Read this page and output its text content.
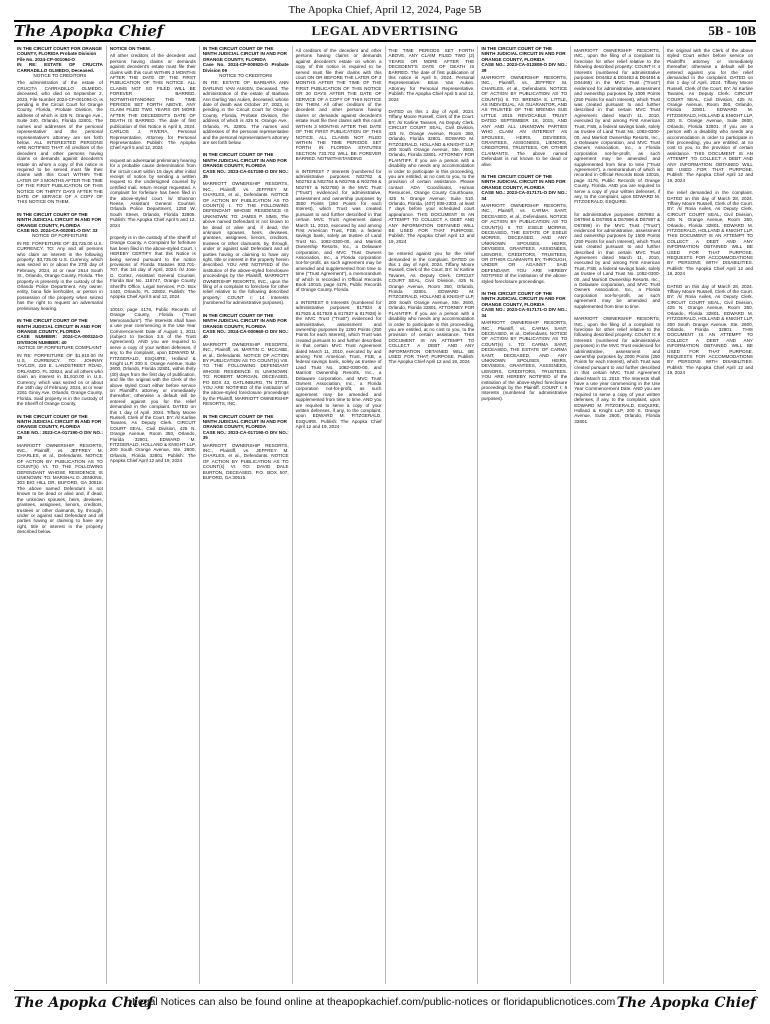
The Apopka Chief, April 12, 2024, Page 5B
The Apopka Chief	LEGAL ADVERTISING	5B - 10B
IN THE CIRCUIT COURT FOR ORANGE COUNTY, FLORIDA Probate Division File No. 2024-CP-001094-O
IN RE: ESTATE OF CRUCITA CARRADILLO OLMEDO, Deceased.
NOTICE TO CREDITORS

The administration of the estate of CRUCITA CARRADILLO OLMEDO, deceased, who died on September 2, 2023, File Number 2024-CP-001094-O, is pending in the Circuit Court for Orange County, Florida, Probate Division, the address of which is 425 N. Orange Ave., Suite 340, Orlando, Florida 32801. The names and addresses of the personal representative and the personal representative's attorney are set forth below. ALL INTERESTED PERSONS ARE NOTIFIED THAT: All creditors of the decedent and other persons having claims or demands against decedent's estate on whom a copy of this notice is required to be served must file their claims with this Court WITHIN THE LATER OF 3 MONTHS AFTER THE TIME OF THE FIRST PUBLICATION OF THIS NOTICE OR THIRTY DAYS AFTER THE DATE OF SERVICE OF A COPY OF THIS NOTICE ON THEM.

IN THE CIRCUIT COURT OF THE NINTH JUDICIAL CIRCUIT IN AND FOR ORANGE COUNTY, FLORIDA
CASE NO. 2024-CA-002081-O DIV: 33
NOTICE OF FORFEITURE

IN RE: FORFEITURE OF: $3,725.00 U.S. CURRENCY. TO: Any and all persons who claim an interest in the following property: $3,725.00 U.S. Currency, which was seized on or about the 27th day of February, 2024, at or near 2614 South St., Orlando, Orange County, Florida. The property is presently in the custody of the Orlando Police Department. Any owner, entity, bona fide lienholder, or person in possession of the property when seized has the right to request an adversarial preliminary hearing.

IN THE CIRCUIT COURT OF THE NINTH JUDICIAL CIRCUIT IN AND FOR ORANGE COUNTY, FLORIDA
CASE NUMBER: 2024-CA-000324-O DIVISION NUMBER: 40
NOTICE OF FORFEITURE COMPLAINT

IN RE: FORFEITURE OF $1,910.00 IN U.S. CURRENCY. TO: JOHNNY TAYLOR, 220 E. LANDSTREET ROAD, ORLANDO, FL 32824, and all others who claim an interest in $1,910.00 in U.S. Currency, which was seized on or about the 15th day of February, 2024, at or near 2261 Ginny Ave, Orlando, Orange County, Florida. Said property is in the custody of the Sheriff of Orange County.

IN THE CIRCUIT COURT OF THE NINTH JUDICIAL CIRCUIT IN AND FOR ORANGE COUNTY, FLORIDA
CASE NO.: 2023-CA-017190-O DIV NO.: 35

MARRIOTT OWNERSHIP RESORTS, INC., Plaintiff, vs. JEFFREY M. CHARLES, et al., Defendants. NOTICE OF ACTION BY PUBLICATION AS TO COUNT(s) VI. TO THE FOLLOWING DEFENDANT WHOSE RESIDENCE IS UNKNOWN: TO: MARSHAL D. JENKINS, 303 BIG HILL DR, BUFORD, GA 30518. The above named Defendant is not known to be dead or alive and, if dead, the unknown spouses, heirs, devisees, grantees, assignees, lienors, creditors, trustees or other claimants, by, through, under or against said Defendant and all parties having or claiming to have any right, title or interest in the property described below.

NOTICE ON THEM.

All other creditors of the decedent and persons having claims or demands against decedent's estate must file their claims with this court WITHIN 3 MONTHS AFTER THE DATE OF THE FIRST PUBLICATION OF THIS NOTICE. ALL CLAIMS NOT SO FILED WILL BE FOREVER BARRED. NOTWITHSTANDING THE TIME PERIODS SET FORTH ABOVE, ANY CLAIM FILED TWO YEARS OR MORE AFTER THE DECEDENT'S DATE OF DEATH IS BARRED. The date of first publication of this Notice is April 5, 2024. CARLOS J. RIVERA, Personal Representative, Attorney for Personal Representative. Publish: The Apopka Chief April 5 and 12, 2024

request an adversarial preliminary hearing for a probable cause determination from the circuit court within 15 days after initial receipt of notice by sending a written request to the undersigned counsel by certified mail, return receipt requested. A complaint for forfeiture has been filed in the above-styled court. /s/ Shannon Reese, Assistant General Counsel, Orlando Police Department, 1250 W. South Street, Orlando, Florida 32805. Publish: The Apopka Chief April 5 and 12, 2024

property is in the custody of the Sheriff of Orange County. A Complaint for forfeiture has been filed in the above-styled Court. I HEREBY CERTIFY that this Notice is being served pursuant to the notice provisions of Florida Statutes 932.701-707, this 1st day of April, 2024. /s/ Jose G. Cortez, Assistant General Counsel, Florida Bar No. 118747, Orange County Sheriff's Office, Legal Services, P.O. Box 1440, Orlando, FL 32802. Publish: The Apopka Chief April 5 and 12, 2024

10010, page 4176, Public Records of Orange County, Florida ("Trust Memorandum"). The Interests shall have a use year commencing in the Use Year Commencement Date of August 1, 2011 (subject to Section 3.5 of the Trust Agreement). AND you are required to serve a copy of your written defenses, if any, to the complaint, upon EDWARD M. FITZGERALD, ESQUIRE, Holland & Knight LLP, 200 S. Orange Avenue, Suite 2600, Orlando, Florida 32801, within thirty (30) days from the first day of publication, and file the original with the Clerk of the above styled Court either before service on Plaintiff's attorney or immediately thereafter; otherwise a default will be entered against you for the relief demanded in the complaint. DATED on this 1 day of April, 2024. Tiffany Moore Russell, Clerk of the Court. BY: /s/ Karline Tavares, As Deputy Clerk. CIRCUIT COURT SEAL, Civil Division, 425 N. Orange Avenue, Room 350, Orlando, Florida 32801. EDWARD M. FITZGERALD, HOLLAND & KNIGHT LLP, 200 South Orange Avenue, Ste. 2600, Orlando, Florida 32801. Publish: The Apopka Chief April 12 and 19, 2024

IN THE CIRCUIT COURT OF THE NINTH JUDICIAL CIRCUIT IN AND FOR ORANGE COUNTY, FLORIDA
Case No. 2024-CP-000920-O Probate Division 09
NOTICE TO CREDITORS

IN RE: ESTATE OF BARBARA ANN DARLING VAN AUKEN, Deceased. The administration of the estate of Barbara Ann Darling Van Auken, deceased, whose date of death was October 27, 2023, is pending in the Circuit Court for Orange County, Florida, Probate Division, the address of which is 425 N. Orange Ave., Orlando, FL 32801. The names and addresses of the personal representative and the personal representative's attorney are set forth below.

IN THE CIRCUIT COURT OF THE NINTH JUDICIAL CIRCUIT IN AND FOR ORANGE COUNTY, FLORIDA
CASE NO.: 2023-CA-017190-O DIV NO.: 35

MARRIOTT OWNERSHIP RESORTS, INC., Plaintiff, vs. JEFFREY M. CHARLES, et al., Defendants. NOTICE OF ACTION BY PUBLICATION AS TO COUNT(s) I. TO THE FOLLOWING DEFENDANT WHOSE RESIDENCE IS UNKNOWN: TO: JAMES P. SIMS, The above named Defendant is not known to be dead or alive and, if dead, the unknown spouses, heirs, devisees, grantees, assignees, lienors, creditors, trustees or other claimants, by, through, under or against said Defendant and all parties having or claiming to have any right, title or interest in the property herein described. YOU ARE NOTIFIED of the institution of the above-styled foreclosure proceedings by the Plaintiff, MARRIOTT OWNERSHIP RESORTS, INC., upon the filing of a complaint to foreclose for other relief relative to the following described property: COUNT I: 14 Interests (numbered for administrative purposes).

IN THE CIRCUIT COURT OF THE NINTH JUDICIAL CIRCUIT IN AND FOR ORANGE COUNTY, FLORIDA
CASE NO.: 2024-CA-000960-O DIV NO.: 40

MARRIOTT OWNERSHIP RESORTS, INC., Plaintiff, vs. MARTIN C. MCCABE, et al., Defendants. NOTICE OF ACTION BY PUBLICATION AS TO COUNT(s) VIII. TO THE FOLLOWING DEFENDANT WHOSE RESIDENCE IS UNKNOWN: TO: ROBERT MORGAN, DECEASED, PO BOX 43, GATLINBURG, TN 37738. YOU ARE NOTIFIED of the institution of the above-styled foreclosure proceedings by the Plaintiff, MARRIOTT OWNERSHIP RESORTS, INC.

IN THE CIRCUIT COURT OF THE NINTH JUDICIAL CIRCUIT IN AND FOR ORANGE COUNTY, FLORIDA
CASE NO.: 2023-CA-017190-O DIV NO.: 35

MARRIOTT OWNERSHIP RESORTS, INC., Plaintiff, vs. JEFFREY M. CHARLES, et al., Defendants. NOTICE OF ACTION BY PUBLICATION AS TO COUNT(s) VI. TO: DAVID DALE BURTON, DECEASED, P.O. BOX 507, BUFORD, GA 30515.

All creditors of the decedent and other persons having claims or demands against decedent's estate on whom a copy of this notice is required to be served must file their claims with this court ON OR BEFORE THE LATER OF 3 MONTHS AFTER THE TIME OF THE FIRST PUBLICATION OF THIS NOTICE OR 30 DAYS AFTER THE DATE OF SERVICE OF A COPY OF THIS NOTICE ON THEM. All other creditors of the decedent and other persons having claims or demands against decedent's estate must file their claims with this court WITHIN 3 MONTHS AFTER THE DATE OF THE FIRST PUBLICATION OF THIS NOTICE. ALL CLAIMS NOT FILED WITHIN THE TIME PERIODS SET FORTH IN FLORIDA STATUTES SECTION 733.702 WILL BE FOREVER BARRED. NOTWITHSTANDING

in INTEREST 7 Interests (numbered for administrative purposes: N02762 & N02763 & N02764 & N02765 & N02766 & N02767 & N02768) in the MVC Trust ("Trust") evidenced for administrative, assessment and ownership purposes by 3500 Points (250 Points for each Interest), which Trust was created pursuant to and further described in that certain MVC Trust Agreement dated March 11, 2010, executed by and among First American Trust, FSB, a federal savings bank, solely as trustee of Land Trust No. 1082-0300-00, and Marriott Ownership Resorts, Inc., a Delaware corporation, and MVC Trust Owners Association, Inc., a Florida corporation not-for-profit, as such agreement may be amended and supplemented from time to time ("Trust Agreement"), a memorandum of which is recorded in Official Records Book 10015, page 4176, Public Records of Orange County, Florida.

a INTEREST 5 Interests (numbered for administrative purposes: 817924 & 817925 & 817926 & 817927 & 817928) in the MVC Trust ("Trust") evidenced for administrative, assessment and ownership purposes by 1250 Points (250 Points for each Interest), which Trust was created pursuant to and further described in that certain MVC Trust Agreement dated March 11, 2010, executed by and among First American Trust, FSB, a federal savings bank, solely as trustee of Land Trust No. 1082-0300-00, and Marriott Ownership Resorts, Inc., a Delaware corporation, and MVC Trust Owners Association, Inc., a Florida corporation not-for-profit, as such agreement may be amended and supplemented from time to time. AND you are required to serve a copy of your written defenses, if any, to the complaint, upon EDWARD M. FITZGERALD, ESQUIRE. Publish: The Apopka Chief April 12 and 19, 2024

THE TIME PERIODS SET FORTH ABOVE, ANY CLAIM FILED TWO (2) YEARS OR MORE AFTER THE DECEDENT'S DATE OF DEATH IS BARRED. The date of first publication of this notice is April 5, 2024. Personal Representative: Brian Van Auken. Attorney for Personal Representative. Publish: The Apopka Chief April 5 and 12, 2024

DATED on this 1 day of April, 2024. Tiffany Moore Russell, Clerk of the Court. BY: /s/ Karline Tavares, As Deputy Clerk. CIRCUIT COURT SEAL, Civil Division, 425 N. Orange Avenue, Room 350, Orlando, Florida 32801. EDWARD M. FITZGERALD, HOLLAND & KNIGHT LLP, 200 South Orange Avenue, Ste. 2600, Orlando, Florida 32801. ATTORNEY FOR PLAINTIFF. If you are a person with a disability who needs any accommodation in order to participate in this proceeding, you are entitled, at no cost to you, to the provision of certain assistance. Please contact ADA Coordinator, Human Resources, Orange County Courthouse, 425 N. Orange Avenue, Suite 510, Orlando, Florida, (407) 836-2303, at least 7 days before your scheduled court appearance. THIS DOCUMENT IS AN ATTEMPT TO COLLECT A DEBT AND ANY INFORMATION OBTAINED WILL BE USED FOR THAT PURPOSE. Publish: The Apopka Chief April 12 and 19, 2024

be entered against you for the relief demanded in the complaint. DATED on this 1 day of April, 2024. Tiffany Moore Russell, Clerk of the Court. BY: /s/ Karline Tavares, As Deputy Clerk. CIRCUIT COURT SEAL, Civil Division, 425 N. Orange Avenue, Room 350, Orlando, Florida 32801. EDWARD M. FITZGERALD, HOLLAND & KNIGHT LLP, 200 South Orange Avenue, Ste. 2600, Orlando, Florida 32801. ATTORNEY FOR PLAINTIFF. If you are a person with a disability who needs any accommodation in order to participate in this proceeding, you are entitled, at no cost to you, to the provision of certain assistance. THIS DOCUMENT IS AN ATTEMPT TO COLLECT A DEBT AND ANY INFORMATION OBTAINED WILL BE USED FOR THAT PURPOSE. Publish: The Apopka Chief April 12 and 19, 2024

IN THE CIRCUIT COURT OF THE NINTH JUDICIAL CIRCUIT IN AND FOR ORANGE COUNTY, FLORIDA
CASE NO.: 2023-CA-012808-O DIV NO.: 39

MARRIOTT OWNERSHIP RESORTS, INC., Plaintiff, vs. JEFFREY M. CHARLES, et al., Defendants. NOTICE OF ACTION BY PUBLICATION AS TO COUNT(s) II. TO: BRENDA S. LITTLE, AS INDIVIDUAL, AS GUARANTOR, AND AS TRUSTEE OF THE BRENDA SUE LITTLE 2015 REVOCABLE TRUST DATED SEPTEMBER 18, 2015, AND ANY AND ALL UNKNOWN PARTIES WHO CLAIM AN INTEREST AS SPOUSES, HEIRS, DEVISEES, GRANTEES, ASSIGNEES, LIENORS, CREDITORS, TRUSTEES, OR OTHER CLAIMANTS. The above named Defendant is not known to be dead or alive.

IN THE CIRCUIT COURT OF THE NINTH JUDICIAL CIRCUIT IN AND FOR ORANGE COUNTY, FLORIDA
CASE NO.: 2023-CA-017171-O DIV NO.: 34

MARRIOTT OWNERSHIP RESORTS, INC., Plaintiff, vs. CARMA SANT, DECEASED, et al., Defendants. NOTICE OF ACTION BY PUBLICATION AS TO COUNT(s) II. TO: ESELE MORRIS, DECEASED, THE ESTATE OF ESELE MORRIS, DECEASED, AND ANY UNKNOWN SPOUSES, HEIRS, DEVISEES, GRANTEES, ASSIGNEES, LIENORS, CREDITORS, TRUSTEES, OR OTHER CLAIMANTS BY, THROUGH, UNDER OR AGAINST SAID DEFENDANT. YOU ARE HEREBY NOTIFIED of the institution of the above-styled foreclosure proceedings.

IN THE CIRCUIT COURT OF THE NINTH JUDICIAL CIRCUIT IN AND FOR ORANGE COUNTY, FLORIDA
CASE NO.: 2023-CA-017171-O DIV NO.: 34

MARRIOTT OWNERSHIP RESORTS, INC., Plaintiff, vs. CARMA SANT, DECEASED, et al., Defendants. NOTICE OF ACTION BY PUBLICATION AS TO COUNT(s) I. TO: CARMA SANT, DECEASED, THE ESTATE OF CARMA SANT, DECEASED, AND ANY UNKNOWN SPOUSES, HEIRS, DEVISEES, GRANTEES, ASSIGNEES, LIENORS, CREDITORS, TRUSTEES. YOU ARE HEREBY NOTIFIED of the institution of the above-styled foreclosure proceedings by the Plaintiff. COUNT I: 6 Interests (numbered for administrative purposes).

MARRIOTT OWNERSHIP RESORTS, INC., upon the filing of a complaint to foreclose for other relief relative to the following described property: COUNT II: 4 Interests (numbered for administrative purposes: D04462 & D04463 & D04464 & D04465) in the MVC Trust ("Trust") evidenced for administrative, assessment and ownership purposes by 1000 Points (250 Points for each Interest), which Trust was created pursuant to and further described in that certain MVC Trust Agreement dated March 11, 2010, executed by and among First American Trust, FSB, a federal savings bank, solely as trustee of Land Trust No. 1082-0300-00, and Marriott Ownership Resorts, Inc., a Delaware corporation, and MVC Trust Owners Association, Inc., a Florida corporation not-for-profit, as such agreement may be amended and supplemented from time to time ("Trust Agreement"), a memorandum of which is recorded in Official Records Book 10015, page 4176, Public Records of Orange County, Florida. AND you are required to serve a copy of your written defenses, if any, to the complaint, upon EDWARD M. FITZGERALD, ESQUIRE.

for administrative purposes: D67893 & D67894 & D67895 & D67896 & D67897 & D67898) in the MVC Trust ("Trust") evidenced for administrative, assessment and ownership purposes by 1500 Points (250 Points for each Interest), which Trust was created pursuant to and further described in that certain MVC Trust Agreement dated March 11, 2010, executed by and among First American Trust, FSB, a federal savings bank, solely as trustee of Land Trust No. 1082-0300-00, and Marriott Ownership Resorts, Inc., a Delaware corporation, and MVC Trust Owners Association, Inc., a Florida corporation not-for-profit, as such agreement may be amended and supplemented from time to time.

MARRIOTT OWNERSHIP RESORTS, INC., upon the filing of a complaint to foreclose for other relief relative to the following described property: COUNT II: 8 Interests (numbered for administrative purposes) in the MVC Trust evidenced for administrative, assessment and ownership purposes by 2000 Points (250 Points for each Interest), which Trust was created pursuant to and further described in that certain MVC Trust Agreement dated March 11, 2010. The Interests shall have a use year commencing in the Use Year Commencement Date. AND you are required to serve a copy of your written defenses, if any, to the complaint, upon EDWARD M. FITZGERALD, ESQUIRE, Holland & Knight LLP, 200 S. Orange Avenue, Suite 2600, Orlando, Florida 32801.

the original with the Clerk of the above styled Court either before service on Plaintiff's attorney or immediately thereafter; otherwise a default will be entered against you for the relief demanded in the complaint. DATED on this 1 day of April, 2024. Tiffany Moore Russell, Clerk of the Court. BY: /s/ Karline Tavares, As Deputy Clerk. CIRCUIT COURT SEAL, Civil Division, 425 N. Orange Avenue, Room 350, Orlando, Florida 32801. EDWARD M. FITZGERALD, HOLLAND & KNIGHT LLP, 200 S. Orange Avenue, Suite 2600, Orlando, Florida 32801. If you are a person with a disability who needs any accommodation in order to participate in this proceeding, you are entitled, at no cost to you, to the provision of certain assistance. THIS DOCUMENT IS AN ATTEMPT TO COLLECT A DEBT AND ANY INFORMATION OBTAINED WILL BE USED FOR THAT PURPOSE. Publish: The Apopka Chief April 12 and 19, 2024

the relief demanded in the complaint. DATED on this day of March 28, 2024. Tiffany Moore Russell, Clerk of the Court. BY: /s/ Rosa Aviles, As Deputy Clerk. CIRCUIT COURT SEAL, Civil Division, 425 N. Orange Avenue, Room 350, Orlando, Florida 32801. EDWARD M. FITZGERALD, HOLLAND & KNIGHT LLP. THIS DOCUMENT IS AN ATTEMPT TO COLLECT A DEBT AND ANY INFORMATION OBTAINED WILL BE USED FOR THAT PURPOSE. REQUESTS FOR ACCOMMODATIONS BY PERSONS WITH DISABILITIES. Publish: The Apopka Chief April 12 and 19, 2024

DATED on this day of March 28, 2024. Tiffany Moore Russell, Clerk of the Court. BY: /s/ Rosa Aviles, As Deputy Clerk. CIRCUIT COURT SEAL, Civil Division, 425 N. Orange Avenue, Room 350, Orlando, Florida 32801. EDWARD M. FITZGERALD, HOLLAND & KNIGHT LLP, 200 South Orange Avenue, Ste. 2600, Orlando, Florida 32801. THIS DOCUMENT IS AN ATTEMPT TO COLLECT A DEBT AND ANY INFORMATION OBTAINED WILL BE USED FOR THAT PURPOSE. REQUESTS FOR ACCOMMODATIONS BY PERSONS WITH DISABILITIES. Publish: The Apopka Chief April 12 and 19, 2024

The Apopka Chief
Legal Notices can also be found online at theapopkachief.com/public-notices or floridapublicnotices.com The Apopka Chief
